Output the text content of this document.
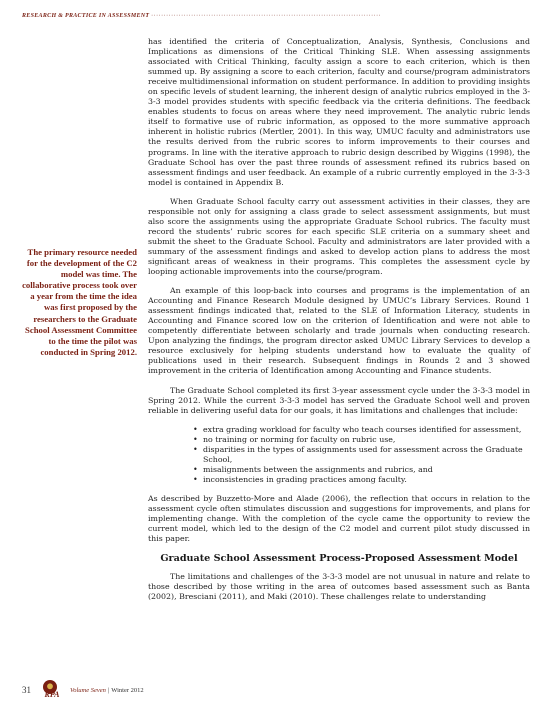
RESEARCH & PRACTICE IN ASSESSMENT ····························································································
The primary resource needed for the development of the C2 model was time. The collaborative process took over a year from the time the idea was first proposed by the researchers to the Graduate School Assessment Committee to the time the pilot was conducted in Spring 2012.

has identified the criteria of Conceptualization, Analysis, Synthesis, Conclusions and Implications as dimensions of the Critical Thinking SLE. When assessing assignments associated with Critical Thinking, faculty assign a score to each criterion, which is then summed up. By assigning a score to each criterion, faculty and course/program administrators receive multidimensional information on student performance. In addition to providing insights on specific levels of student learning, the inherent design of analytic rubrics employed in the 3-3-3 model provides students with specific feedback via the criteria definitions. The feedback enables students to focus on areas where they need improvement. The analytic rubric lends itself to formative use of rubric information, as opposed to the more summative approach inherent in holistic rubrics (Mertler, 2001). In this way, UMUC faculty and administrators use the results derived from the rubric scores to inform improvements to their courses and programs. In line with the iterative approach to rubric design described by Wiggins (1998), the Graduate School has over the past three rounds of assessment refined its rubrics based on assessment findings and user feedback. An example of a rubric currently employed in the 3-3-3 model is contained in Appendix B.

When Graduate School faculty carry out assessment activities in their classes, they are responsible not only for assigning a class grade to select assessment assignments, but must also score the assignments using the appropriate Graduate School rubrics. The faculty must record the students’ rubric scores for each specific SLE criteria on a summary sheet and submit the sheet to the Graduate School. Faculty and administrators are later provided with a summary of the assessment findings and asked to develop action plans to address the most significant areas of weakness in their programs. This completes the assessment cycle by looping actionable improvements into the course/program.

An example of this loop-back into courses and programs is the implementation of an Accounting and Finance Research Module designed by UMUC’s Library Services. Round 1 assessment findings indicated that, related to the SLE of Information Literacy, students in Accounting and Finance scored low on the criterion of Identification and were not able to competently differentiate between scholarly and trade journals when conducting research. Upon analyzing the findings, the program director asked UMUC Library Services to develop a resource exclusively for helping students understand how to evaluate the quality of publications used in their research. Subsequent findings in Rounds 2 and 3 showed improvement in the criteria of Identification among Accounting and Finance students.

The Graduate School completed its first 3-year assessment cycle under the 3-3-3 model in Spring 2012. While the current 3-3-3 model has served the Graduate School well and proven reliable in delivering useful data for our goals, it has limitations and challenges that include:

• extra grading workload for faculty who teach courses identified for assessment,
• no training or norming for faculty on rubric use,
• disparities in the types of assignments used for assessment across the Graduate School,
• misalignments between the assignments and rubrics, and
• inconsistencies in grading practices among faculty.

As described by Buzzetto-More and Alade (2006), the reflection that occurs in relation to the assessment cycle often stimulates discussion and suggestions for improvements, and plans for implementing change. With the completion of the cycle came the opportunity to review the current model, which led to the design of the C2 model and current pilot study discussed in this paper.

Graduate School Assessment Process-Proposed Assessment Model

The limitations and challenges of the 3-3-3 model are not unusual in nature and relate to those described by those writing in the area of outcomes based assessment such as Banta (2002), Bresciani (2011), and Maki (2010). These challenges relate to understanding

31	RPA	Volume Seven | Winter 2012
